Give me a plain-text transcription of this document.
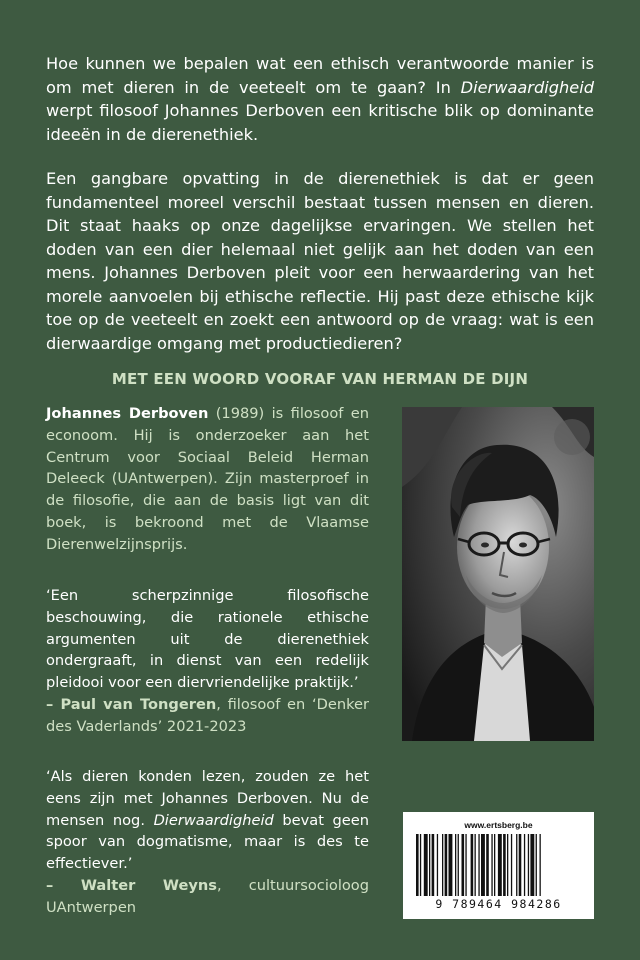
Hoe kunnen we bepalen wat een ethisch verantwoorde manier is om met dieren in de veeteelt om te gaan? In Dierwaardigheid werpt filosoof Johannes Derboven een kritische blik op dominante ideeën in de dierenethiek.
Een gangbare opvatting in de dierenethiek is dat er geen fundamenteel moreel verschil bestaat tussen mensen en dieren. Dit staat haaks op onze dagelijkse ervaringen. We stellen het doden van een dier helemaal niet gelijk aan het doden van een mens. Johannes Derboven pleit voor een herwaardering van het morele aanvoelen bij ethische reflectie. Hij past deze ethische kijk toe op de veeteelt en zoekt een antwoord op de vraag: wat is een dierwaardige omgang met productiedieren?
MET EEN WOORD VOORAF VAN HERMAN DE DIJN
Johannes Derboven (1989) is filosoof en econoom. Hij is onderzoeker aan het Centrum voor Sociaal Beleid Herman Deleeck (UAntwerpen). Zijn masterproef in de filosofie, die aan de basis ligt van dit boek, is bekroond met de Vlaamse Dierenwelzijnsprijs.
‘Een scherpzinnige filosofische beschouwing, die rationele ethische argumenten uit de dierenethiek ondergraaft, in dienst van een redelijk pleidooi voor een diervriendelijke praktijk.’
– Paul van Tongeren, filosoof en ‘Denker des Vaderlands’ 2021-2023
‘Als dieren konden lezen, zouden ze het eens zijn met Johannes Derboven. Nu de mensen nog. Dierwaardigheid bevat geen spoor van dogmatisme, maar is des te effectiever.’
– Walter Weyns, cultuursocioloog UAntwerpen
www.ertsberg.be
9 789464 984286
